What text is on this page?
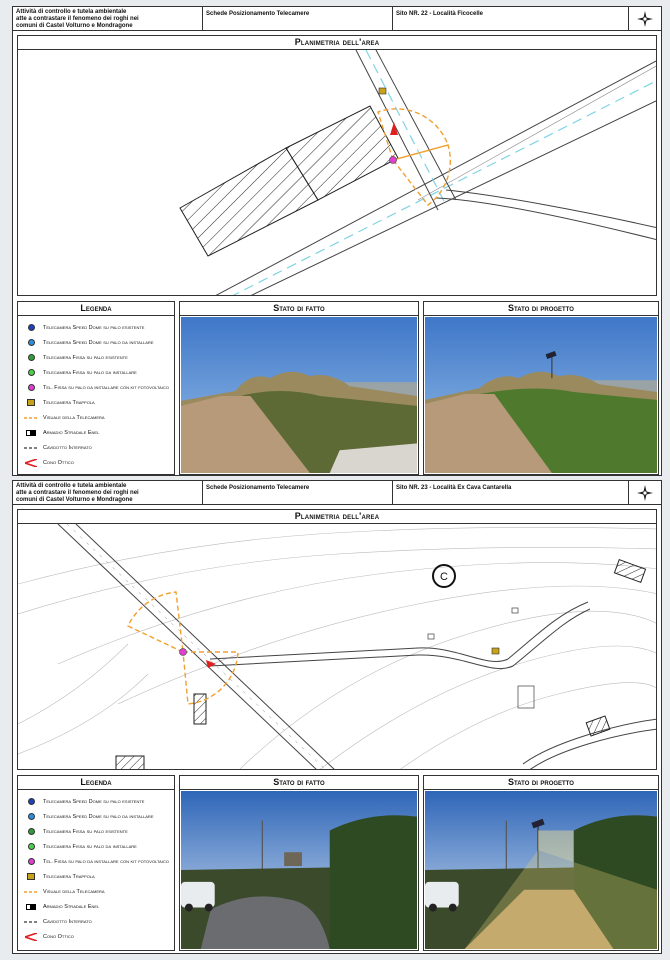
Attività di controllo e tutela ambientale
atte a contrastare il fenomeno dei roghi nei
comuni di Castel Volturno e Mondragone
Schede Posizionamento Telecamere	Sito NR. 22 - Località Ficocelle
Planimetria dell'area
Legenda
Telecamera Speed Dome su palo esistente
Telecamera Speed Dome su palo da installare
Telecamera Fissa su palo esistente
Telecamera Fissa su palo da installare
Tel. Fissa su palo da installare con kit fotovoltaico
Telecamera Trappola
Visuale della Telecamera
Armadio Stradale Enel
Cavidotto Interrato
Cono Ottico
Stato di fatto	Stato di progetto
Attività di controllo e tutela ambientale
atte a contrastare il fenomeno dei roghi nei
comuni di Castel Volturno e Mondragone
Schede Posizionamento Telecamere	Sito NR. 23 - Località Ex Cava Cantarella
Planimetria dell'area
C
Legenda
Telecamera Speed Dome su palo esistente
Telecamera Speed Dome su palo da installare
Telecamera Fissa su palo esistente
Telecamera Fissa su palo da installare
Tel. Fissa su palo da installare con kit fotovoltaico
Telecamera Trappola
Visuale della Telecamera
Armadio Stradale Enel
Cavidotto Interrato
Cono Ottico
Stato di fatto	Stato di progetto
